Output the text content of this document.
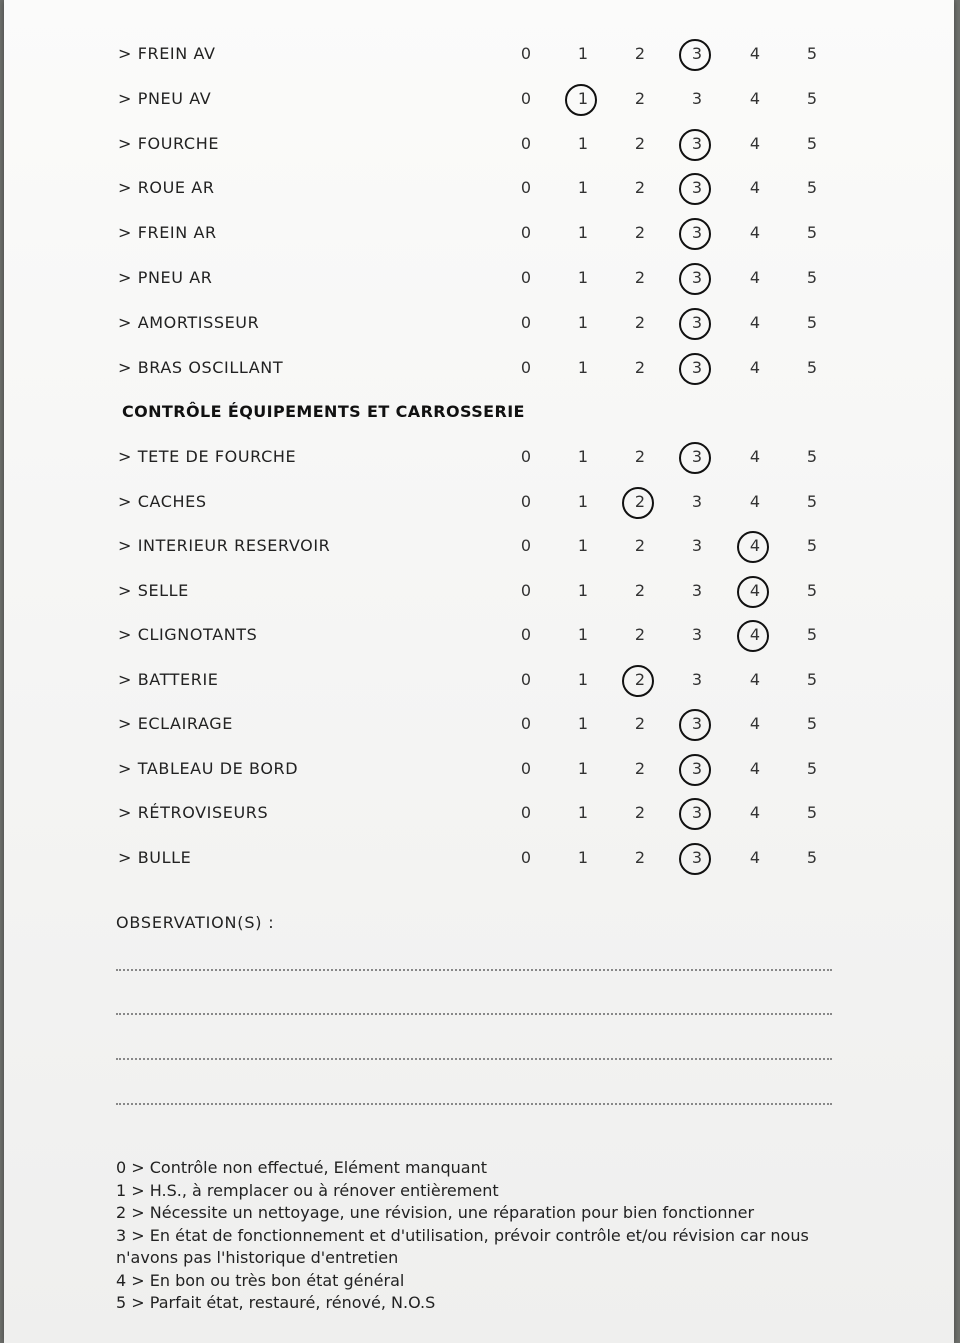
> FREIN AV	0	1	2	3	4	5
> PNEU AV	0	1	2	3	4	5
> FOURCHE	0	1	2	3	4	5
> ROUE AR	0	1	2	3	4	5
> FREIN AR	0	1	2	3	4	5
> PNEU AR	0	1	2	3	4	5
> AMORTISSEUR	0	1	2	3	4	5
> BRAS OSCILLANT	0	1	2	3	4	5
CONTRÔLE ÉQUIPEMENTS ET CARROSSERIE
> TETE DE FOURCHE	0	1	2	3	4	5
> CACHES	0	1	2	3	4	5
> INTERIEUR RESERVOIR	0	1	2	3	4	5
> SELLE	0	1	2	3	4	5
> CLIGNOTANTS	0	1	2	3	4	5
> BATTERIE	0	1	2	3	4	5
> ECLAIRAGE	0	1	2	3	4	5
> TABLEAU DE BORD	0	1	2	3	4	5
> RÉTROVISEURS	0	1	2	3	4	5
> BULLE	0	1	2	3	4	5
OBSERVATION(S) :
0 > Contrôle non effectué, Elément manquant
1 > H.S., à remplacer ou à rénover entièrement
2 > Nécessite un nettoyage, une révision, une réparation pour bien fonctionner
3 > En état de fonctionnement et d'utilisation, prévoir contrôle et/ou révision car nous
n'avons pas l'historique d'entretien
4 > En bon ou très bon état général
5 > Parfait état, restauré, rénové, N.O.S
